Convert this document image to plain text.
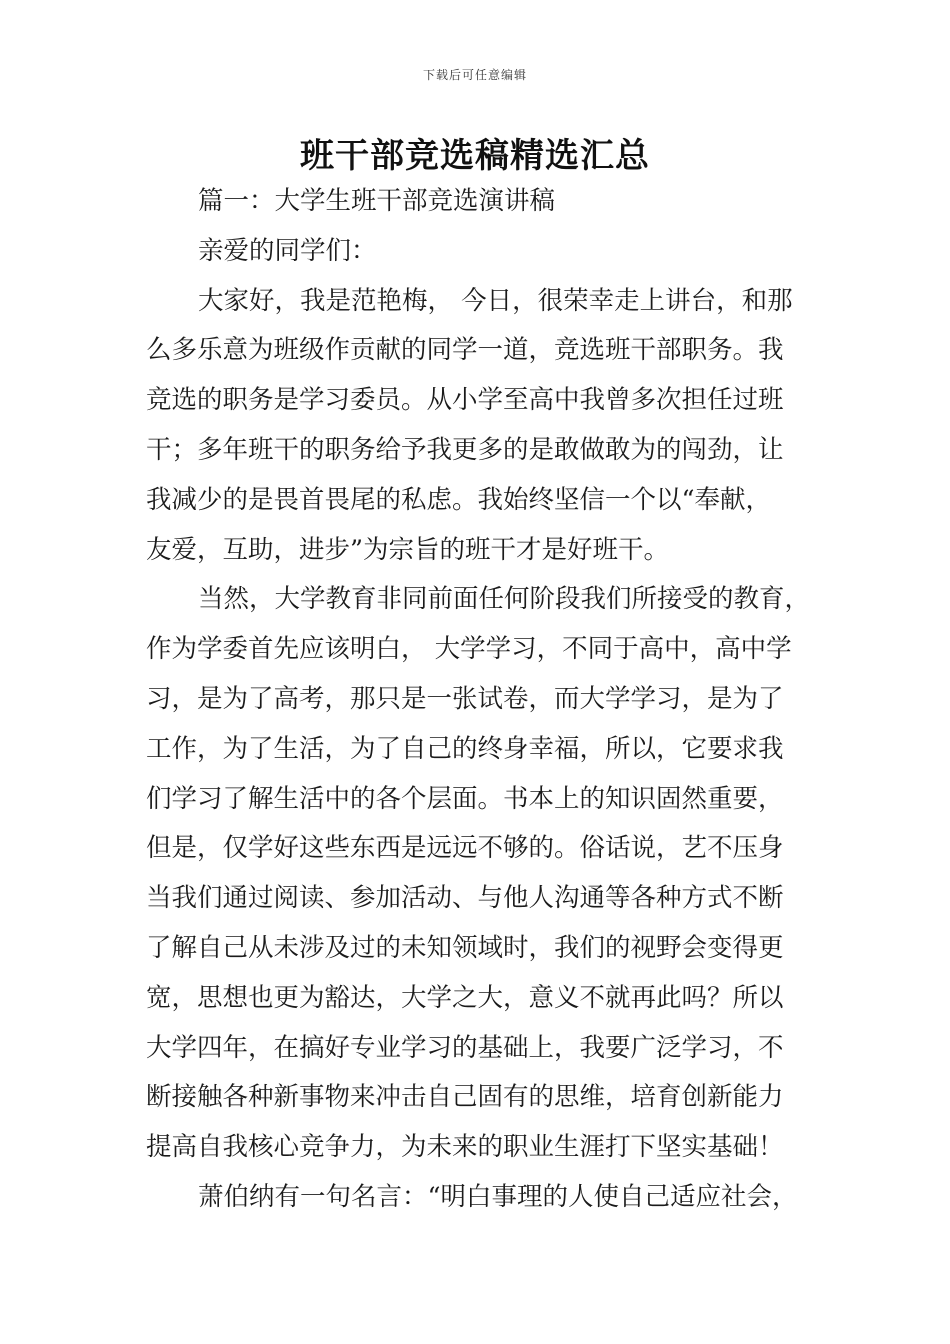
下载后可任意编辑
班干部竞选稿精选汇总
篇一：大学生班干部竞选演讲稿
亲爱的同学们：
大家好，我是范艳梅， 今日，很荣幸走上讲台，和那
么多乐意为班级作贡献的同学一道，竞选班干部职务。我
竞选的职务是学习委员。从小学至高中我曾多次担任过班
干；多年班干的职务给予我更多的是敢做敢为的闯劲，让
我减少的是畏首畏尾的私虑。我始终坚信一个以“奉献，
友爱，互助，进步”为宗旨的班干才是好班干。
当然，大学教育非同前面任何阶段我们所接受的教育，
作为学委首先应该明白， 大学学习，不同于高中，高中学
习，是为了高考，那只是一张试卷，而大学学习，是为了
工作，为了生活，为了自己的终身幸福，所以，它要求我
们学习了解生活中的各个层面。书本上的知识固然重要，
但是，仅学好这些东西是远远不够的。俗话说，艺不压身
当我们通过阅读、参加活动、与他人沟通等各种方式不断
了解自己从未涉及过的未知领域时，我们的视野会变得更
宽，思想也更为豁达，大学之大，意义不就再此吗？所以
大学四年，在搞好专业学习的基础上，我要广泛学习，不
断接触各种新事物来冲击自己固有的思维，培育创新能力
提高自我核心竞争力，为未来的职业生涯打下坚实基础！
萧伯纳有一句名言：“明白事理的人使自己适应社会，
